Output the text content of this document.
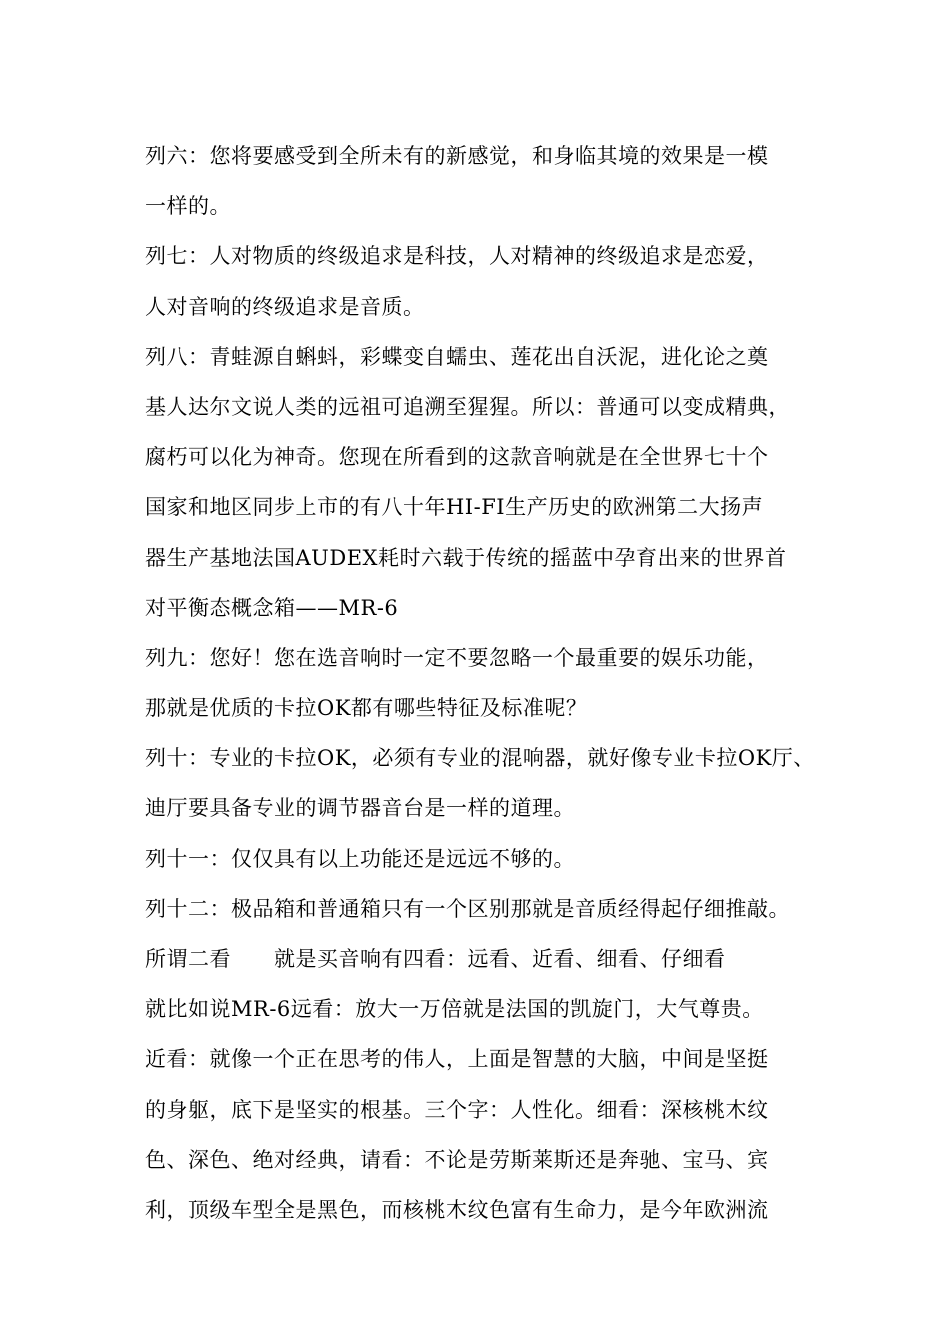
列六：您将要感受到全所未有的新感觉，和身临其境的效果是一模
一样的。
列七：人对物质的终级追求是科技，人对精神的终级追求是恋爱，
人对音响的终级追求是音质。
列八：青蛙源自蝌蚪，彩蝶变自蠕虫、莲花出自沃泥，进化论之奠
基人达尔文说人类的远祖可追溯至猩猩。所以：普通可以变成精典，
腐朽可以化为神奇。您现在所看到的这款音响就是在全世界七十个
国家和地区同步上市的有八十年HI-FI生产历史的欧洲第二大扬声
器生产基地法国AUDEX耗时六载于传统的摇蓝中孕育出来的世界首
对平衡态概念箱——MR-6
列九：您好！您在选音响时一定不要忽略一个最重要的娱乐功能，
那就是优质的卡拉OK都有哪些特征及标准呢？
列十：专业的卡拉OK，必须有专业的混响器，就好像专业卡拉OK厅、
迪厅要具备专业的调节器音台是一样的道理。
列十一：仅仅具有以上功能还是远远不够的。
列十二：极品箱和普通箱只有一个区别那就是音质经得起仔细推敲。
所谓二看　　就是买音响有四看：远看、近看、细看、仔细看
就比如说MR-6远看：放大一万倍就是法国的凯旋门，大气尊贵。
近看：就像一个正在思考的伟人，上面是智慧的大脑，中间是坚挺
的身躯，底下是坚实的根基。三个字：人性化。细看：深核桃木纹
色、深色、绝对经典，请看：不论是劳斯莱斯还是奔驰、宝马、宾
利，顶级车型全是黑色，而核桃木纹色富有生命力，是今年欧洲流
